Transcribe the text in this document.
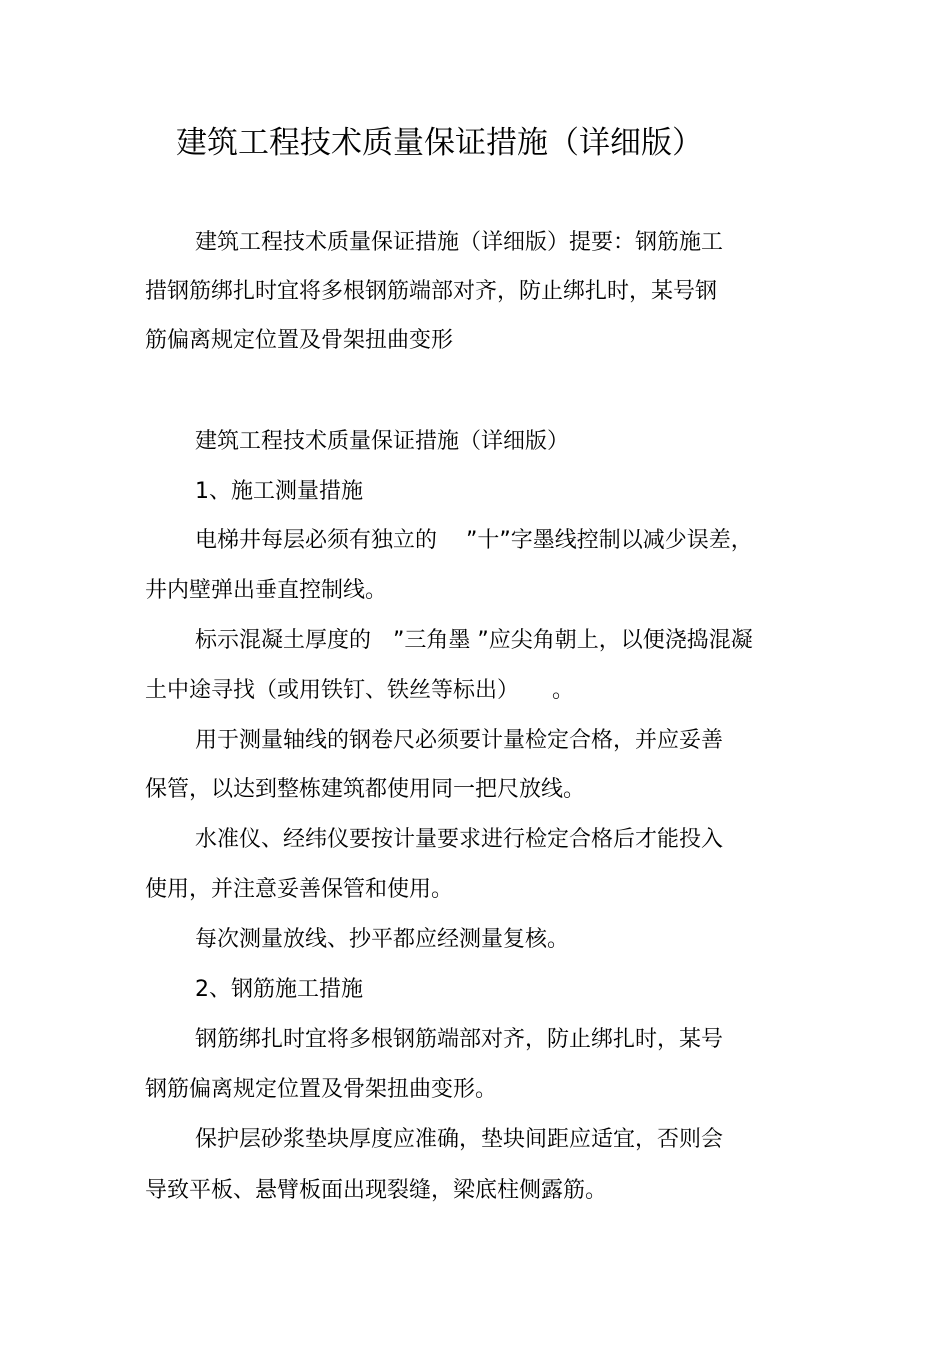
建筑工程技术质量保证措施（详细版）
建筑工程技术质量保证措施（详细版）提要：钢筋施工
措钢筋绑扎时宜将多根钢筋端部对齐，防止绑扎时，某号钢
筋偏离规定位置及骨架扭曲变形
建筑工程技术质量保证措施（详细版）
1、施工测量措施
电梯井每层必须有独立的　 ”十”字墨线控制以减少误差，
井内壁弹出垂直控制线。
标示混凝土厚度的　”三角墨 ”应尖角朝上，以便浇捣混凝
土中途寻找（或用铁钉、铁丝等标出）　　。
用于测量轴线的钢卷尺必须要计量检定合格，并应妥善
保管，以达到整栋建筑都使用同一把尺放线。
水准仪、经纬仪要按计量要求进行检定合格后才能投入
使用，并注意妥善保管和使用。
每次测量放线、抄平都应经测量复核。
2、钢筋施工措施
钢筋绑扎时宜将多根钢筋端部对齐，防止绑扎时，某号
钢筋偏离规定位置及骨架扭曲变形。
保护层砂浆垫块厚度应准确，垫块间距应适宜，否则会
导致平板、悬臂板面出现裂缝，梁底柱侧露筋。
